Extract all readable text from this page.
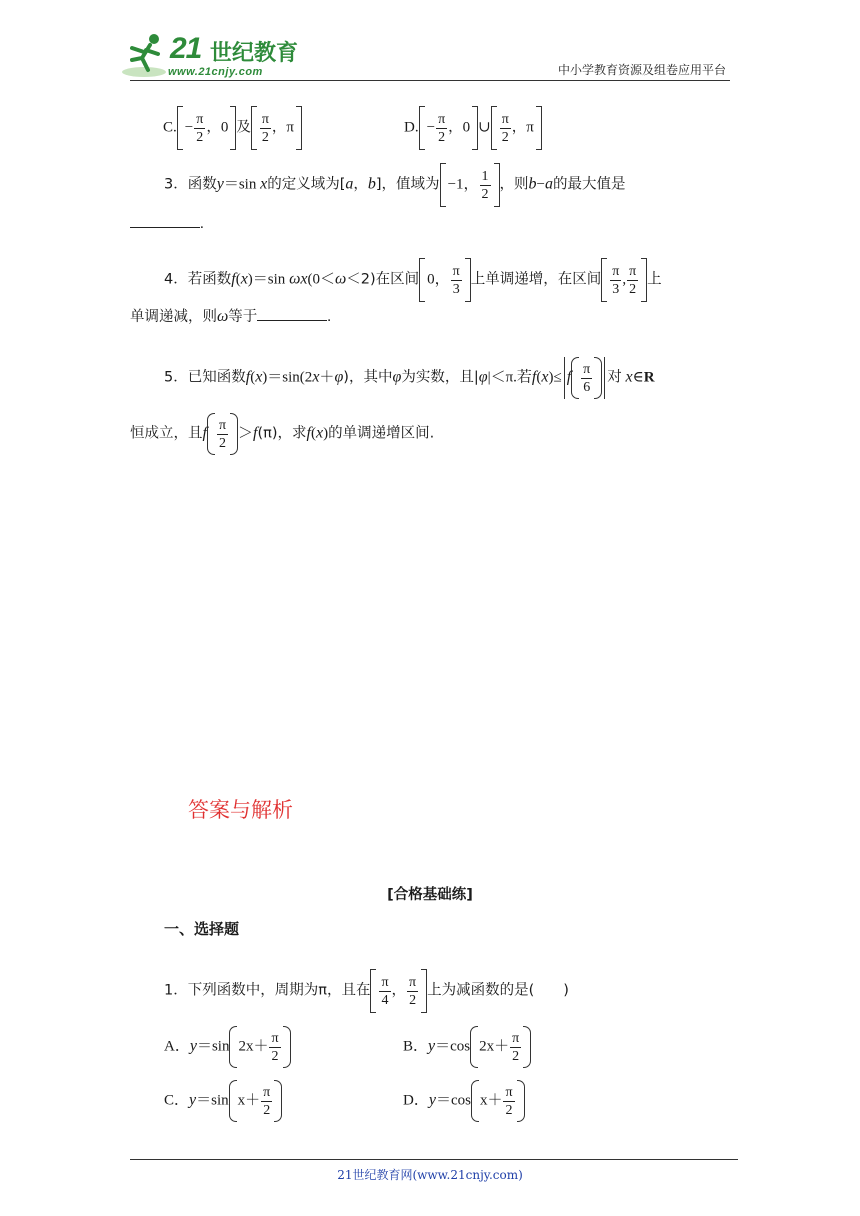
21 世纪教育
www.21cnjy.com	中小学教育资源及组卷应用平台
C. − $\frac{\pi}{2}$ ，0 及 $\frac{\pi}{2}$ ，π	D. − $\frac{\pi}{2}$ ，0 ∪ $\frac{\pi}{2}$ ，π
3．函数y＝sin x的定义域为[a，b]，值域为 −1， $\frac{1}{2}$ ，则b−a的最大值是
.
4．若函数f(x)＝sin ωx(0＜ω＜2)在区间 0， $\frac{\pi}{3}$ 上单调递增，在区间 $\frac{\pi}{3}$ , $\frac{\pi}{2}$ 上
单调递减，则ω等于	.
5．已知函数f(x)＝sin(2x＋φ)，其中φ为实数，且|φ|＜π.若f(x)≤ f $\frac{\pi}{6}$ 对 x∈R
恒成立，且f $\frac{\pi}{2} >f(\pi)$，求f(x)的单调递增区间.
答案与解析
[合格基础练]
一、选择题
1．下列函数中，周期为π，且在 $\frac{\pi}{4}$ ， $\frac{\pi}{2}$ 上为减函数的是(　　)
A．y＝sin $2x+ \frac{\pi}{2}$	B．y＝cos $2x+ \frac{\pi}{2}$
C．y＝sin $x+ \frac{\pi}{2}$	D．y＝cos $x+ \frac{\pi}{2}$
21世纪教育网(www.21cnjy.com)
